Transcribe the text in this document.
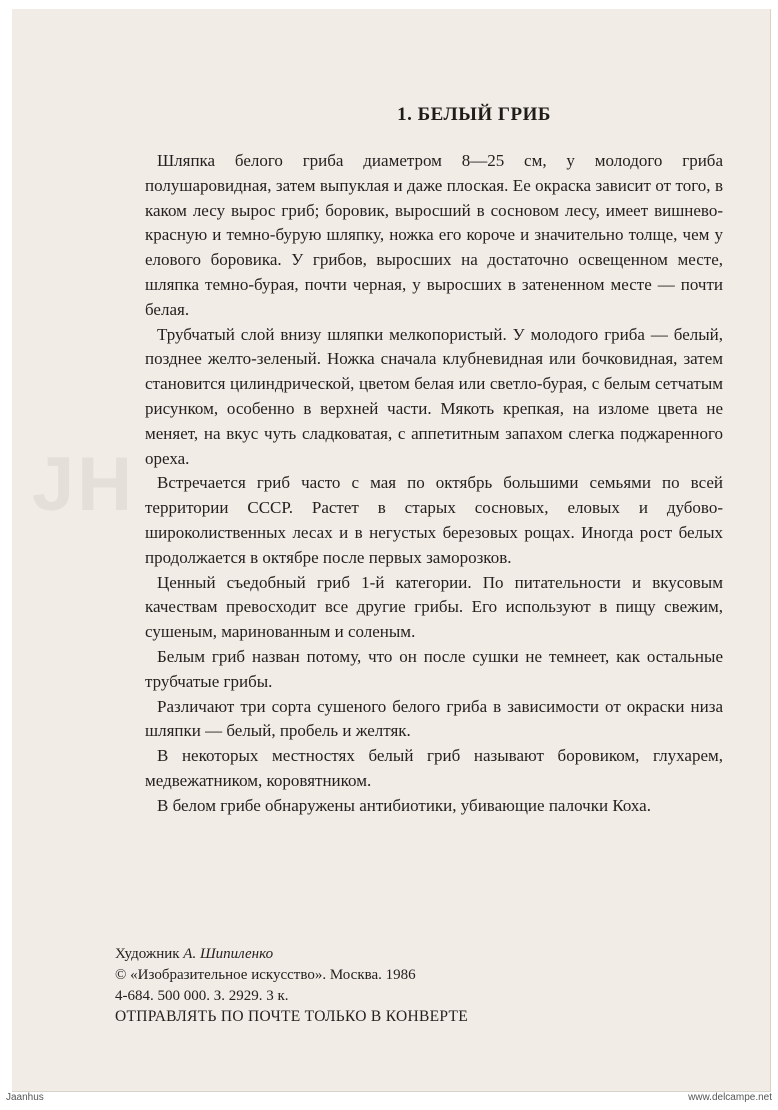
JH
1. БЕЛЫЙ ГРИБ

Шляпка белого гриба диаметром 8—25 см, у молодого гриба полушаровидная, затем выпуклая и даже плоская. Ее окраска зависит от того, в каком лесу вырос гриб; боровик, выросший в сосновом лесу, имеет вишнево-красную и темно-бурую шляпку, ножка его короче и значительно толще, чем у елового боровика. У грибов, выросших на достаточно освещенном месте, шляпка темно-бурая, почти черная, у выросших в затененном месте — почти белая.

Трубчатый слой внизу шляпки мелкопористый. У молодого гриба — белый, позднее желто-зеленый. Ножка сначала клубневидная или бочковидная, затем становится цилиндрической, цветом белая или светло-бурая, с белым сетчатым рисунком, особенно в верхней части. Мякоть крепкая, на изломе цвета не меняет, на вкус чуть сладковатая, с аппетитным запахом слегка поджаренного ореха.

Встречается гриб часто с мая по октябрь большими семьями по всей территории СССР. Растет в старых сосновых, еловых и дубово-широколиственных лесах и в негустых березовых рощах. Иногда рост белых продолжается в октябре после первых заморозков.

Ценный съедобный гриб 1-й категории. По питательности и вкусовым качествам превосходит все другие грибы. Его используют в пищу свежим, сушеным, маринованным и соленым.

Белым гриб назван потому, что он после сушки не темнеет, как остальные трубчатые грибы.

Различают три сорта сушеного белого гриба в зависимости от окраски низа шляпки — белый, пробель и желтяк.

В некоторых местностях белый гриб называют боровиком, глухарем, медвежатником, коровятником.

В белом грибе обнаружены антибиотики, убивающие палочки Коха.

Художник А. Шипиленко
© «Изобразительное искусство». Москва. 1986
4-684. 500 000. З. 2929. 3 к.
ОТПРАВЛЯТЬ ПО ПОЧТЕ ТОЛЬКО В КОНВЕРТЕ
Jaanhus	www.delcampe.net
